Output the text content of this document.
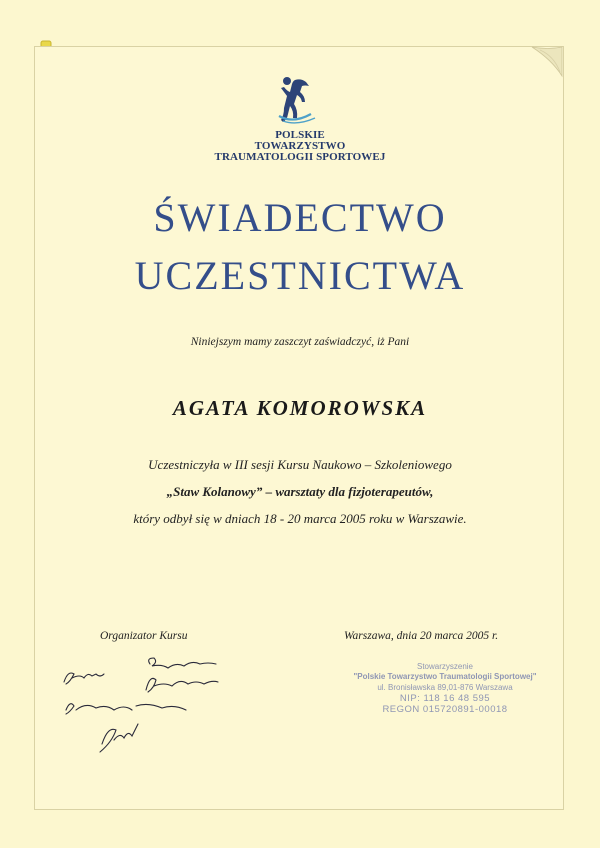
POLSKIE
TOWARZYSTWO
TRAUMATOLOGII SPORTOWEJ
ŚWIADECTWO
UCZESTNICTWA
Niniejszym mamy zaszczyt zaświadczyć, iż Pani
AGATA KOMOROWSKA
Uczestniczyła w III sesji Kursu Naukowo – Szkoleniowego
„Staw Kolanowy” – warsztaty dla fizjoterapeutów,
który odbył się w dniach 18 - 20 marca 2005 roku w Warszawie.
Organizator Kursu	Warszawa, dnia 20 marca 2005 r.
Stowarzyszenie
"Polskie Towarzystwo Traumatologii Sportowej"
ul. Bronisławska 89,01-876 Warszawa
NIP: 118 16 48 595
REGON 015720891-00018
